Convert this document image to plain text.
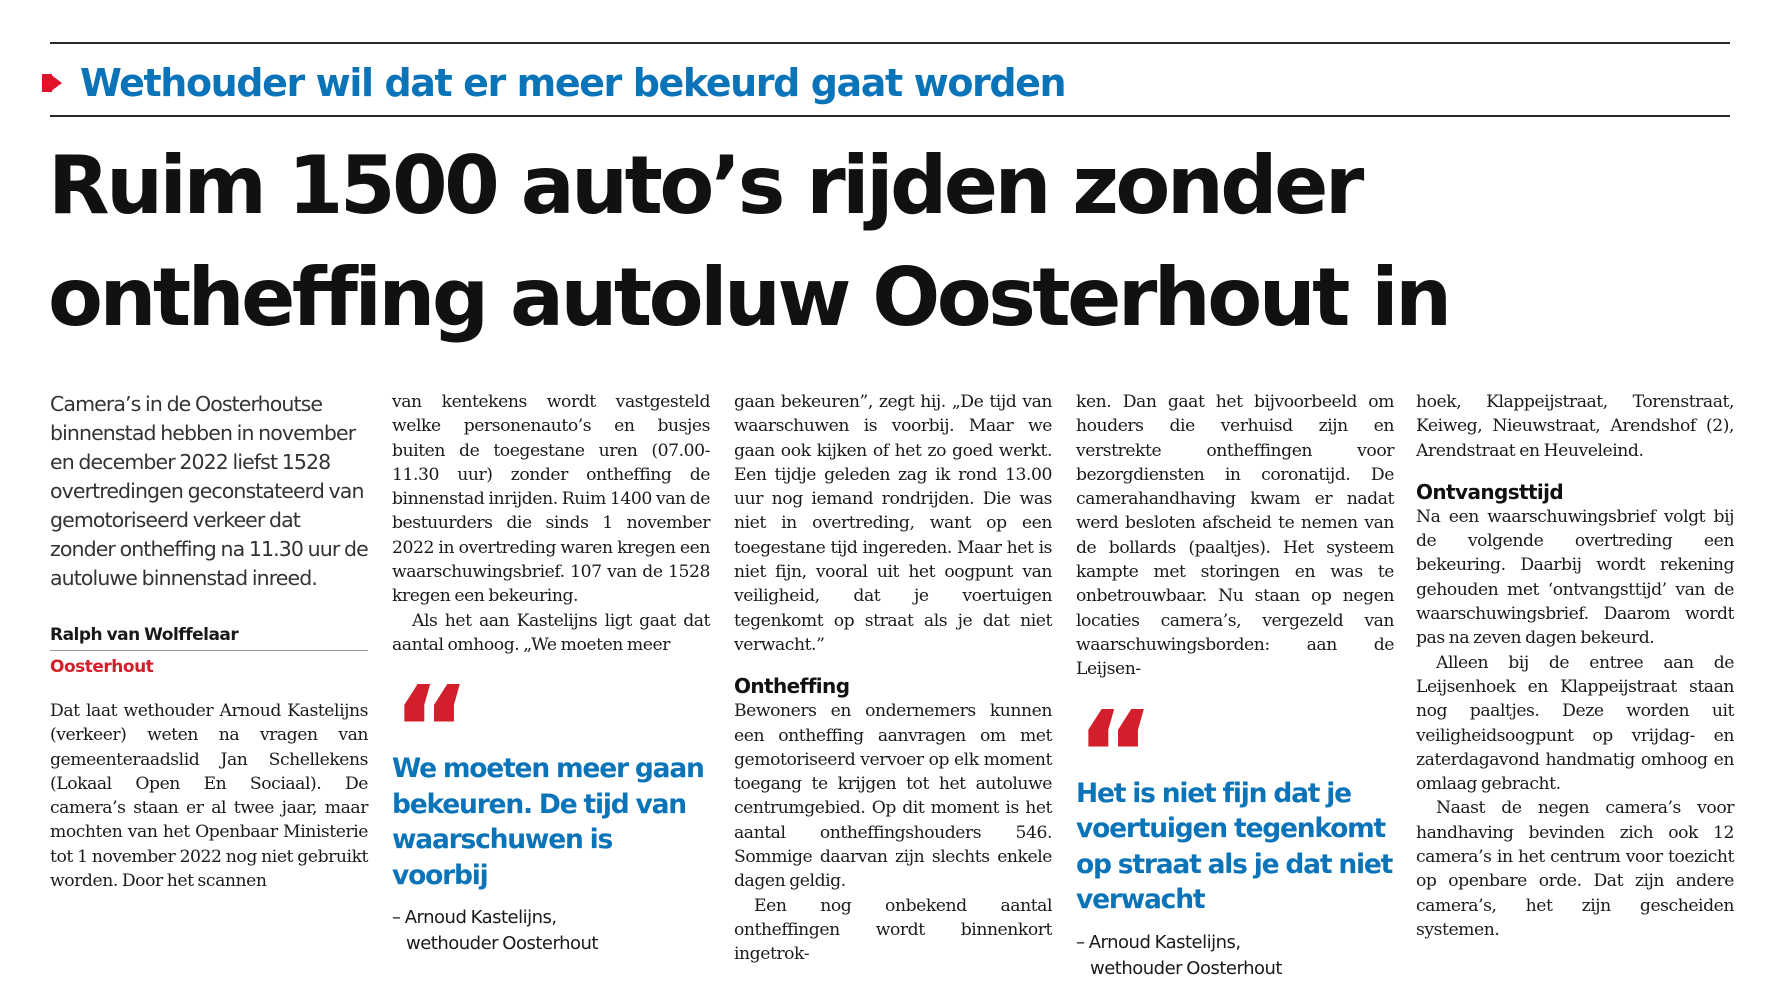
Wethouder wil dat er meer bekeurd gaat worden
Ruim 1500 auto’s rijden zonder
ontheffing autoluw Oosterhout in

Camera’s in de Oosterhoutse binnenstad hebben in november en december 2022 liefst 1528 overtredingen geconstateerd van gemotoriseerd verkeer dat zonder ontheffing na 11.30 uur de autoluwe binnenstad inreed.

Ralph van Wolffelaar
Oosterhout

Dat laat wethouder Arnoud Kastelijns (verkeer) weten na vragen van gemeenteraadslid Jan Schellekens (Lokaal Open En Sociaal). De camera’s staan er al twee jaar, maar mochten van het Openbaar Ministerie tot 1 november 2022 nog niet gebruikt worden. Door het scannen

van kentekens wordt vastgesteld welke personenauto’s en busjes buiten de toegestane uren (07.00-11.30 uur) zonder ontheffing de binnenstad inrijden. Ruim 1400 van de bestuurders die sinds 1 november 2022 in overtreding waren kregen een waarschuwingsbrief. 107 van de 1528 kregen een bekeuring.

Als het aan Kastelijns ligt gaat dat aantal omhoog. „We moeten meer

“
We moeten meer gaan bekeuren. De tijd van waarschuwen is voorbij
– Arnoud Kastelijns,
wethouder Oosterhout

gaan bekeuren”, zegt hij. „De tijd van waarschuwen is voorbij. Maar we gaan ook kijken of het zo goed werkt. Een tijdje geleden zag ik rond 13.00 uur nog iemand rondrijden. Die was niet in overtreding, want op een toegestane tijd ingereden. Maar het is niet fijn, vooral uit het oogpunt van veiligheid, dat je voertuigen tegenkomt op straat als je dat niet verwacht.”

Ontheffing

Bewoners en ondernemers kunnen een ontheffing aanvragen om met gemotoriseerd vervoer op elk moment toegang te krijgen tot het autoluwe centrumgebied. Op dit moment is het aantal ontheffingshouders 546. Sommige daarvan zijn slechts enkele dagen geldig.

Een nog onbekend aantal ontheffingen wordt binnenkort ingetrok-

ken. Dan gaat het bijvoorbeeld om houders die verhuisd zijn en verstrekte ontheffingen voor bezorgdiensten in coronatijd. De camerahandhaving kwam er nadat werd besloten afscheid te nemen van de bollards (paaltjes). Het systeem kampte met storingen en was te onbetrouwbaar. Nu staan op negen locaties camera’s, vergezeld van waarschuwingsborden: aan de Leijsen-

“
Het is niet fijn dat je voertuigen tegenkomt op straat als je dat niet verwacht
– Arnoud Kastelijns,
wethouder Oosterhout

hoek, Klappeijstraat, Torenstraat, Keiweg, Nieuwstraat, Arendshof (2), Arendstraat en Heuveleind.

Ontvangsttijd

Na een waarschuwingsbrief volgt bij de volgende overtreding een bekeuring. Daarbij wordt rekening gehouden met ‘ontvangsttijd’ van de waarschuwingsbrief. Daarom wordt pas na zeven dagen bekeurd.

Alleen bij de entree aan de Leijsenhoek en Klappeijstraat staan nog paaltjes. Deze worden uit veiligheidsoogpunt op vrijdag- en zaterdagavond handmatig omhoog en omlaag gebracht.

Naast de negen camera’s voor handhaving bevinden zich ook 12 camera’s in het centrum voor toezicht op openbare orde. Dat zijn andere camera’s, het zijn gescheiden systemen.
